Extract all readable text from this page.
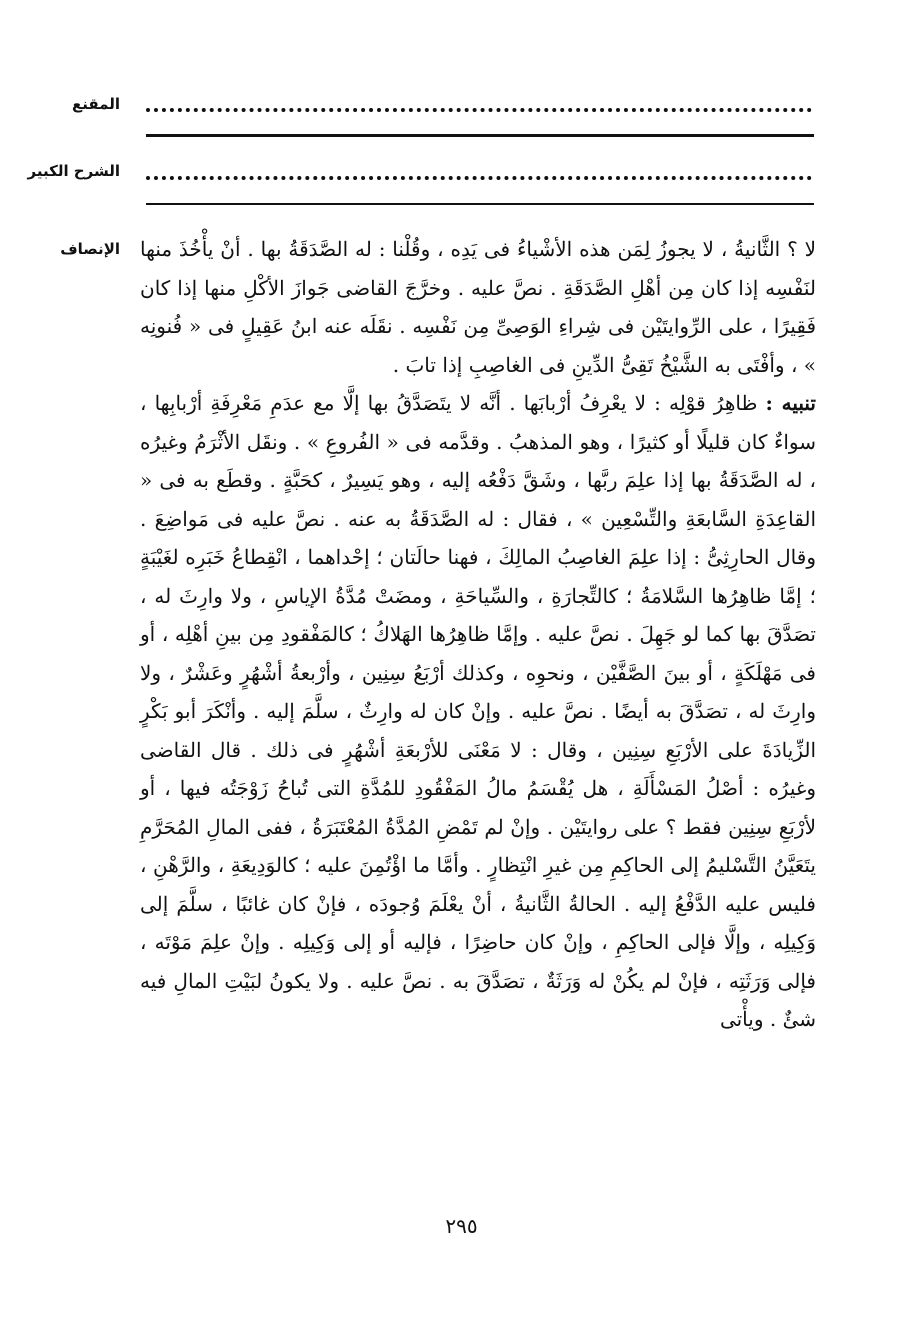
المقنع
الشرح الكبير
الإنصاف لا ؟ الثَّانيةُ ، لا يجوزُ لِمَن هذه الأشْياءُ فى يَدِه ، وقُلْنا : له الصَّدَقَةُ بها . أنْ يأْخُذَ منها لنَفْسِه إذا كان مِن أهْلِ الصَّدَقَةِ . نصَّ عليه . وخرَّجَ القاضى جَوازَ الأكْلِ منها إذا كان فَقِيرًا ، على الرِّوايتَيْن فى شِراءِ الوَصِىِّ مِن نَفْسِه . نقَلَه عنه ابنُ عَقِيلٍ فى « فُنونِه » ، وأفْتَى به الشَّيْخُ تَقِىُّ الدِّينِ فى الغاصِبِ إذا تابَ .

تنبيه : ظاهِرُ قوْلِه : لا يعْرِفُ أرْبابَها . أنَّه لا يتَصَدَّقُ بها إلَّا مع عدَمِ مَعْرِفَةِ أرْبابِها ، سواءٌ كان قليلًا أو كثيرًا ، وهو المذهبُ . وقدَّمه فى « الفُروعِ » . ونقَل الأثْرَمُ وغيرُه ، له الصَّدَقَةُ بها إذا علِمَ ربَّها ، وشَقَّ دَفْعُه إليه ، وهو يَسِيرٌ ، كحَبَّةٍ . وقطَع به فى « القاعِدَةِ السَّابعَةِ والتِّسْعِين » ، فقال : له الصَّدَقَةُ به عنه . نصَّ عليه فى مَواضِعَ . وقال الحارِثِىُّ : إذا علِمَ الغاصِبُ المالِكَ ، فهنا حالَتان ؛ إحْداهما ، انْقِطاعُ خَبَرِه لغَيْبَةٍ ؛ إمَّا ظاهِرُها السَّلامَةُ ؛ كالتِّجارَةِ ، والسِّياحَةِ ، ومضَتْ مُدَّةُ الإياسِ ، ولا وارِثَ له ، تصَدَّقَ بها كما لو جَهِلَ . نصَّ عليه . وإمَّا ظاهِرُها الهَلاكُ ؛ كالمَفْقودِ مِن بينِ أهْلِه ، أو فى مَهْلَكَةٍ ، أو بينَ الصَّفَّيْن ، ونحوِه ، وكذلك أرْبَعُ سِنِين ، وأرْبعةُ أشْهُرٍ وعَشْرٌ ، ولا وارِثَ له ، تصَدَّقَ به أيضًا . نصَّ عليه . وإنْ كان له وارِثٌ ، سلَّمَ إليه . وأنْكَرَ أبو بَكْرٍ الزِّيادَةَ على الأرْبَعِ سِنِين ، وقال : لا مَعْنَى للأرْبعَةِ أشْهُرٍ فى ذلك . قال القاضى وغيرُه : أصْلُ المَسْأَلَةِ ، هل يُقْسَمُ مالُ المَفْقُودِ للمُدَّةِ التى تُباحُ زَوْجَتُه فيها ، أو لأرْبَعِ سِنِين فقط ؟ على روايتَيْن . وإنْ لم تَمْضِ المُدَّةُ المُعْتَبَرَةُ ، ففى المالِ المُحَرَّمِ يتَعَيَّنُ التَّسْليمُ إلى الحاكِمِ مِن غيرِ انْتِظارٍ . وأمَّا ما اؤْتُمِنَ عليه ؛ كالوَدِيعَةِ ، والرَّهْنِ ، فليس عليه الدَّفْعُ إليه . الحالةُ الثَّانيةُ ، أنْ يعْلَمَ وُجودَه ، فإنْ كان غائبًا ، سلَّمَ إلى وَكِيلِه ، وإلَّا فإلى الحاكِمِ ، وإنْ كان حاضِرًا ، فإليه أو إلى وَكِيلِه . وإنْ علِمَ مَوْتَه ، فإلى وَرَثَتِه ، فإنْ لم يكُنْ له وَرَثَةٌ ، تصَدَّقَ به . نصَّ عليه . ولا يكونُ لبَيْتِ المالِ فيه شئٌ . ويأْتى

٢٩٥
